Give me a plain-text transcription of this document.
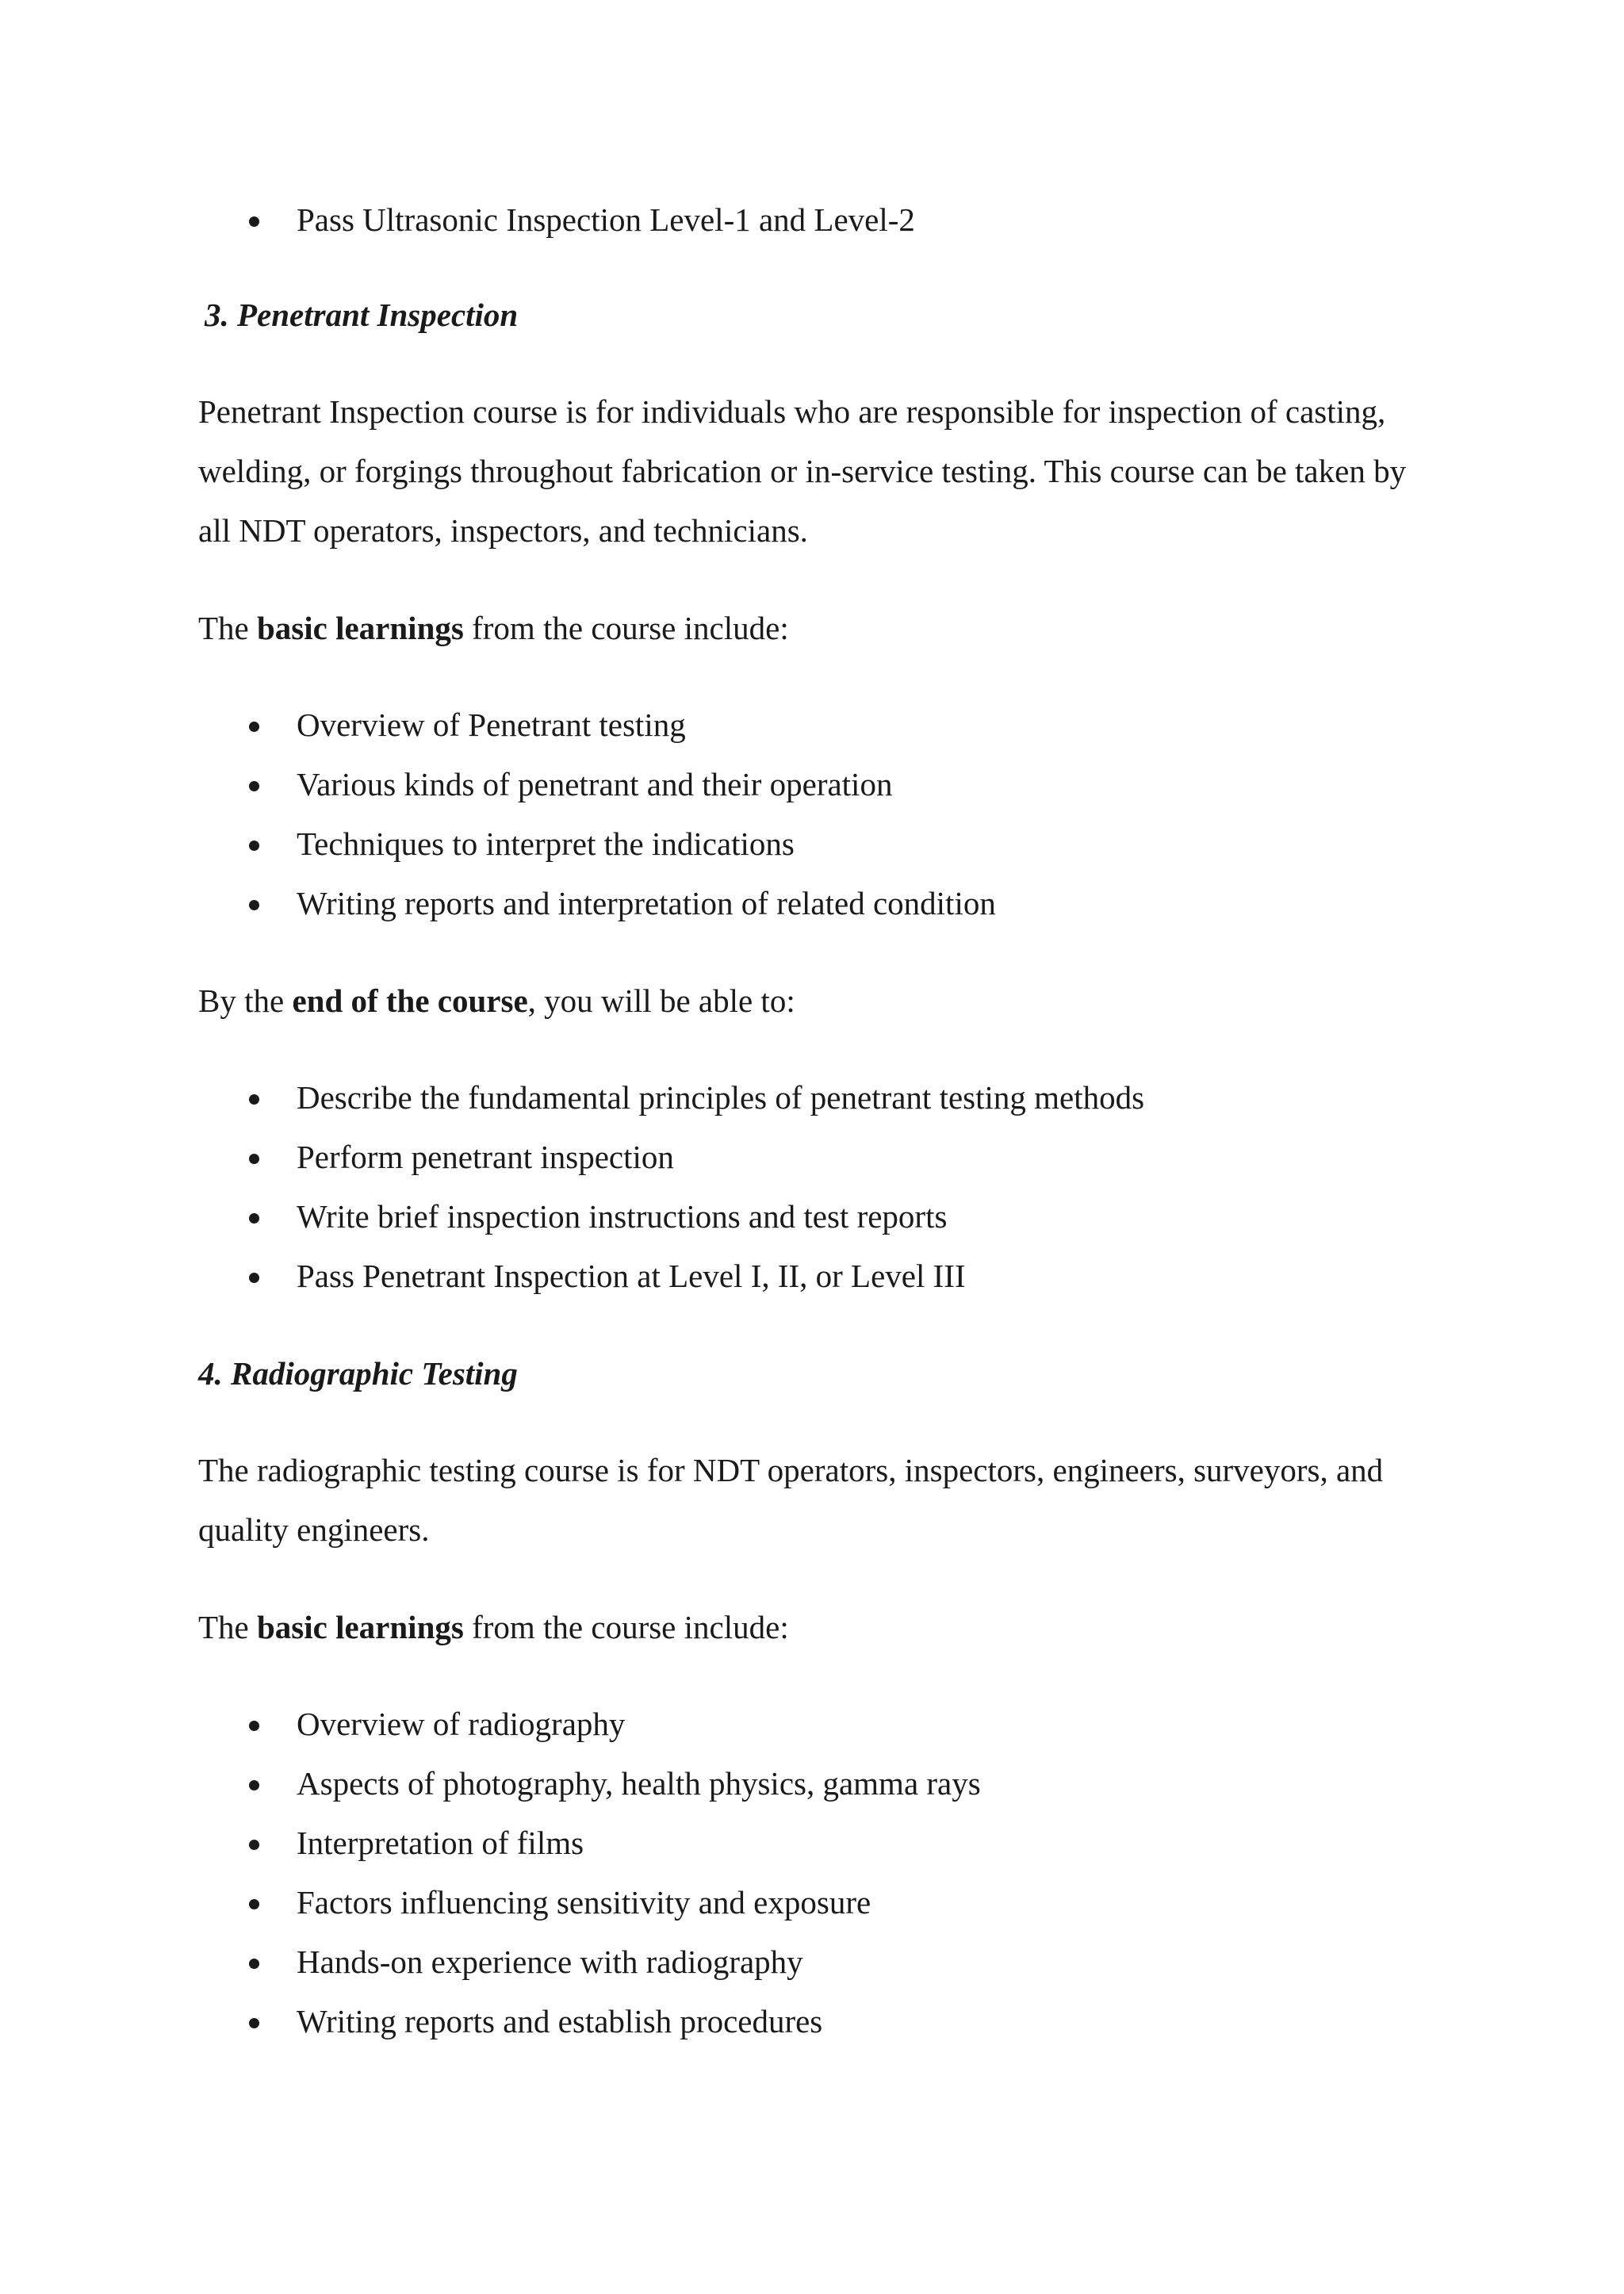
Pass Ultrasonic Inspection Level-1 and Level-2

3. Penetrant Inspection

Penetrant Inspection course is for individuals who are responsible for inspection of casting, welding, or forgings throughout fabrication or in-service testing. This course can be taken by all NDT operators, inspectors, and technicians.

The basic learnings from the course include:

Overview of Penetrant testing
Various kinds of penetrant and their operation
Techniques to interpret the indications
Writing reports and interpretation of related condition

By the end of the course, you will be able to:

Describe the fundamental principles of penetrant testing methods
Perform penetrant inspection
Write brief inspection instructions and test reports
Pass Penetrant Inspection at Level I, II, or Level III

4. Radiographic Testing

The radiographic testing course is for NDT operators, inspectors, engineers, surveyors, and quality engineers.

The basic learnings from the course include:

Overview of radiography
Aspects of photography, health physics, gamma rays
Interpretation of films
Factors influencing sensitivity and exposure
Hands-on experience with radiography
Writing reports and establish procedures
